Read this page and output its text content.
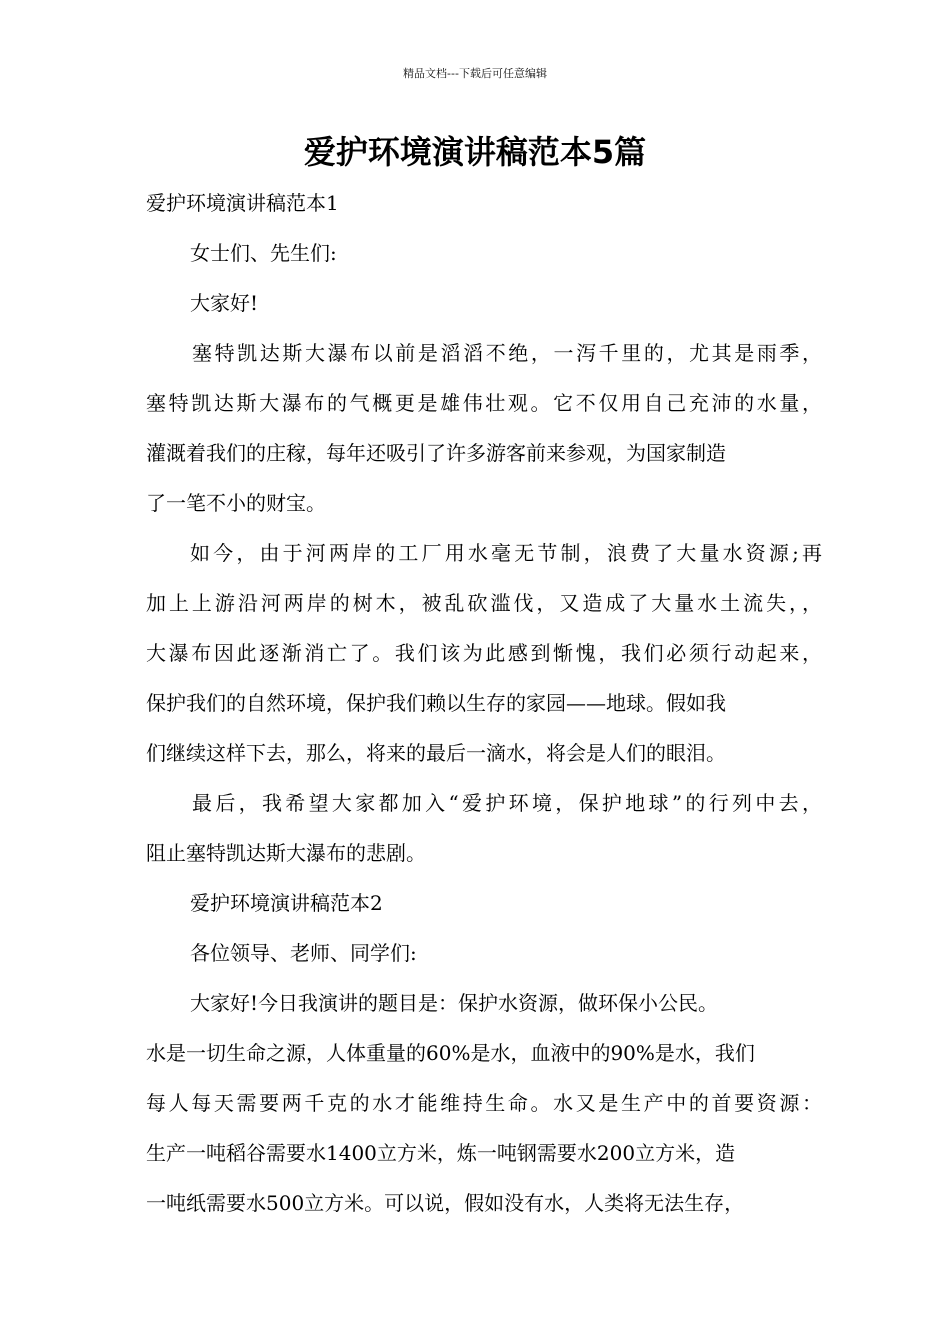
精品文档---下载后可任意编辑
爱护环境演讲稿范本5篇
爱护环境演讲稿范本1
女士们、先生们:
大家好!
塞特凯达斯大瀑布以前是滔滔不绝，一泻千里的，尤其是雨季，
塞特凯达斯大瀑布的气概更是雄伟壮观。它不仅用自己充沛的水量，
灌溉着我们的庄稼，每年还吸引了许多游客前来参观，为国家制造
了一笔不小的财宝。
如今，由于河两岸的工厂用水毫无节制，浪费了大量水资源;再
加上上游沿河两岸的树木，被乱砍滥伐，又造成了大量水土流失，，
大瀑布因此逐渐消亡了。我们该为此感到惭愧，我们必须行动起来，
保护我们的自然环境，保护我们赖以生存的家园——地球。假如我
们继续这样下去，那么，将来的最后一滴水，将会是人们的眼泪。
最后，我希望大家都加入“爱护环境，保护地球”的行列中去，
阻止塞特凯达斯大瀑布的悲剧。
爱护环境演讲稿范本2
各位领导、老师、同学们:
大家好!今日我演讲的题目是：保护水资源，做环保小公民。
水是一切生命之源，人体重量的60%是水，血液中的90%是水，我们
每人每天需要两千克的水才能维持生命。水又是生产中的首要资源：
生产一吨稻谷需要水1400立方米，炼一吨钢需要水200立方米，造
一吨纸需要水500立方米。可以说，假如没有水，人类将无法生存，
